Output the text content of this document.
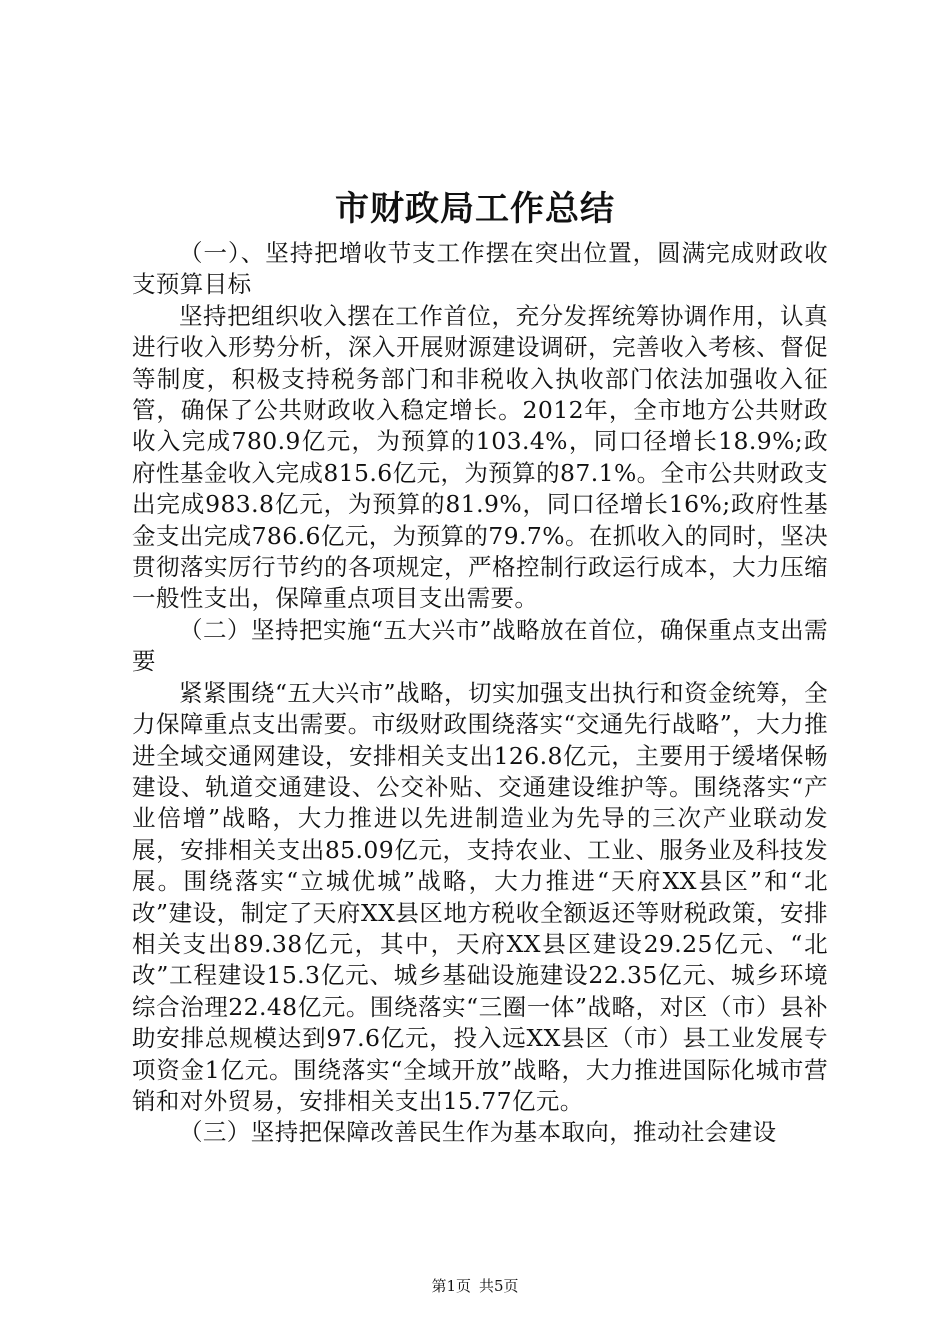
市财政局工作总结

（一）、坚持把增收节支工作摆在突出位置，圆满完成财政收支预算目标

坚持把组织收入摆在工作首位，充分发挥统筹协调作用，认真进行收入形势分析，深入开展财源建设调研，完善收入考核、督促等制度，积极支持税务部门和非税收入执收部门依法加强收入征管，确保了公共财政收入稳定增长。2012年，全市地方公共财政收入完成780.9亿元，为预算的103.4%，同口径增长18.9%;政府性基金收入完成815.6亿元，为预算的87.1%。全市公共财政支出完成983.8亿元，为预算的81.9%，同口径增长16%;政府性基金支出完成786.6亿元，为预算的79.7%。在抓收入的同时，坚决贯彻落实厉行节约的各项规定，严格控制行政运行成本，大力压缩一般性支出，保障重点项目支出需要。

（二）坚持把实施“五大兴市”战略放在首位，确保重点支出需要

紧紧围绕“五大兴市”战略，切实加强支出执行和资金统筹，全力保障重点支出需要。市级财政围绕落实“交通先行战略”，大力推进全域交通网建设，安排相关支出126.8亿元，主要用于缓堵保畅建设、轨道交通建设、公交补贴、交通建设维护等。围绕落实“产业倍增”战略，大力推进以先进制造业为先导的三次产业联动发展，安排相关支出85.09亿元，支持农业、工业、服务业及科技发展。围绕落实“立城优城”战略，大力推进“天府XX县区”和“北改”建设，制定了天府XX县区地方税收全额返还等财税政策，安排相关支出89.38亿元，其中，天府XX县区建设29.25亿元、“北改”工程建设15.3亿元、城乡基础设施建设22.35亿元、城乡环境综合治理22.48亿元。围绕落实“三圈一体”战略，对区（市）县补助安排总规模达到97.6亿元，投入远XX县区（市）县工业发展专项资金1亿元。围绕落实“全域开放”战略，大力推进国际化城市营销和对外贸易，安排相关支出15.77亿元。

（三）坚持把保障改善民生作为基本取向，推动社会建设

第1页 共5页
